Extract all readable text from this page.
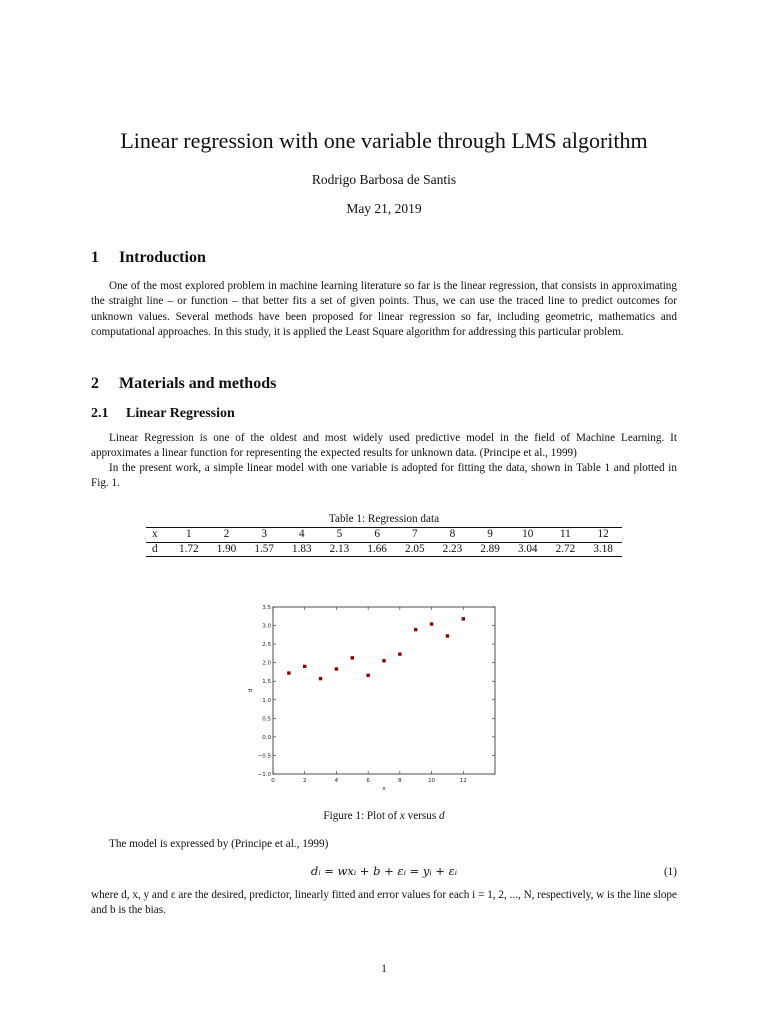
Linear regression with one variable through LMS algorithm
Rodrigo Barbosa de Santis
May 21, 2019
1 Introduction
One of the most explored problem in machine learning literature so far is the linear regression, that consists in approximating the straight line – or function – that better fits a set of given points. Thus, we can use the traced line to predict outcomes for unknown values. Several methods have been proposed for linear regression so far, including geometric, mathematics and computational approaches. In this study, it is applied the Least Square algorithm for addressing this particular problem.
2 Materials and methods
2.1 Linear Regression
Linear Regression is one of the oldest and most widely used predictive model in the field of Machine Learning. It approximates a linear function for representing the expected results for unknown data. (Principe et al., 1999)
In the present work, a simple linear model with one variable is adopted for fitting the data, shown in Table 1 and plotted in Fig. 1.
Table 1: Regression data
x	1	2	3	4	5	6	7	8	9	10	11	12
d	1.72	1.90	1.57	1.83	2.13	1.66	2.05	2.23	2.89	3.04	2.72	3.18
0	2	4	6	8	10	12
−1.0
−0.5
0.0
0.5
1.0
1.5
2.0
2.5
3.0
3.5
x
d
Figure 1: Plot of x versus d
The model is expressed by (Principe et al., 1999)
dᵢ = wxᵢ + b + εᵢ = yᵢ + εᵢ	(1)
where d, x, y and ε are the desired, predictor, linearly fitted and error values for each i = 1, 2, ..., N, respectively, w is the line slope and b is the bias.
1
